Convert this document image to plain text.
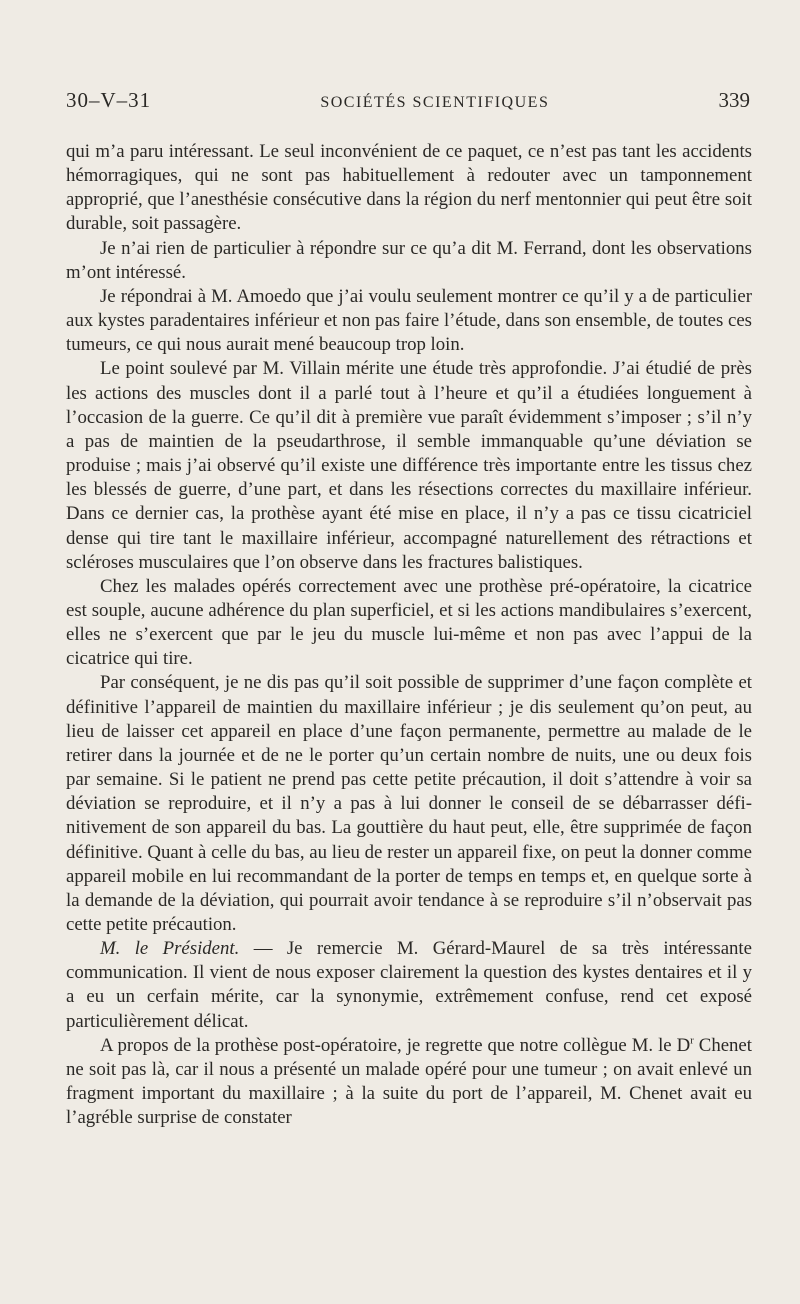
30–V–31	SOCIÉTÉS SCIENTIFIQUES	339

qui m’a paru intéressant. Le seul inconvénient de ce paquet, ce n’est pas tant les accidents hémorragiques, qui ne sont pas habituellement à redouter avec un tamponnement approprié, que l’anesthésie consécutive dans la région du nerf mentonnier qui peut être soit durable, soit passagère.

Je n’ai rien de particulier à répondre sur ce qu’a dit M. Ferrand, dont les observations m’ont intéressé.

Je répondrai à M. Amoedo que j’ai voulu seulement montrer ce qu’il y a de particulier aux kystes paradentaires inférieur et non pas faire l’étude, dans son ensemble, de toutes ces tumeurs, ce qui nous aurait mené beaucoup trop loin.

Le point soulevé par M. Villain mérite une étude très approfondie. J’ai étudié de près les actions des muscles dont il a parlé tout à l’heure et qu’il a étudiées longuement à l’occasion de la guerre. Ce qu’il dit à première vue paraît évidemment s’imposer ; s’il n’y a pas de maintien de la pseudarthrose, il semble immanquable qu’une déviation se produise ; mais j’ai observé qu’il existe une différence très importante entre les tissus chez les blessés de guerre, d’une part, et dans les résections correctes du maxillaire inférieur. Dans ce dernier cas, la prothèse ayant été mise en place, il n’y a pas ce tissu cicatriciel dense qui tire tant le maxillaire inférieur, accompagné naturellement des rétractions et scléroses musculaires que l’on observe dans les fractures balistiques.

Chez les malades opérés correctement avec une prothèse pré-opératoire, la cicatrice est souple, aucune adhérence du plan superficiel, et si les actions mandibulaires s’exercent, elles ne s’exercent que par le jeu du muscle lui-même et non pas avec l’appui de la cicatrice qui tire.

Par conséquent, je ne dis pas qu’il soit possible de supprimer d’une façon complète et définitive l’appareil de maintien du maxillaire inférieur ; je dis seulement qu’on peut, au lieu de laisser cet appareil en place d’une façon permanente, permettre au malade de le retirer dans la journée et de ne le porter qu’un certain nombre de nuits, une ou deux fois par semaine. Si le patient ne prend pas cette petite précaution, il doit s’attendre à voir sa déviation se reproduire, et il n’y a pas à lui donner le conseil de se débarrasser définitivement de son appareil du bas. La gouttière du haut peut, elle, être supprimée de façon définitive. Quant à celle du bas, au lieu de rester un appareil fixe, on peut la donner comme appareil mobile en lui recommandant de la porter de temps en temps et, en quelque sorte à la demande de la déviation, qui pourrait avoir tendance à se reproduire s’il n’observait pas cette petite précaution.

M. le Président. — Je remercie M. Gérard-Maurel de sa très intéressante communication. Il vient de nous exposer clairement la question des kystes dentaires et il y a eu un cerfain mérite, car la synonymie, extrêmement confuse, rend cet exposé particulièrement délicat.

A propos de la prothèse post-opératoire, je regrette que notre collègue M. le $D^r$ Chenet ne soit pas là, car il nous a présenté un malade opéré pour une tumeur ; on avait enlevé un fragment important du maxillaire ; à la suite du port de l’appareil, M. Chenet avait eu l’agréble surprise de constater
